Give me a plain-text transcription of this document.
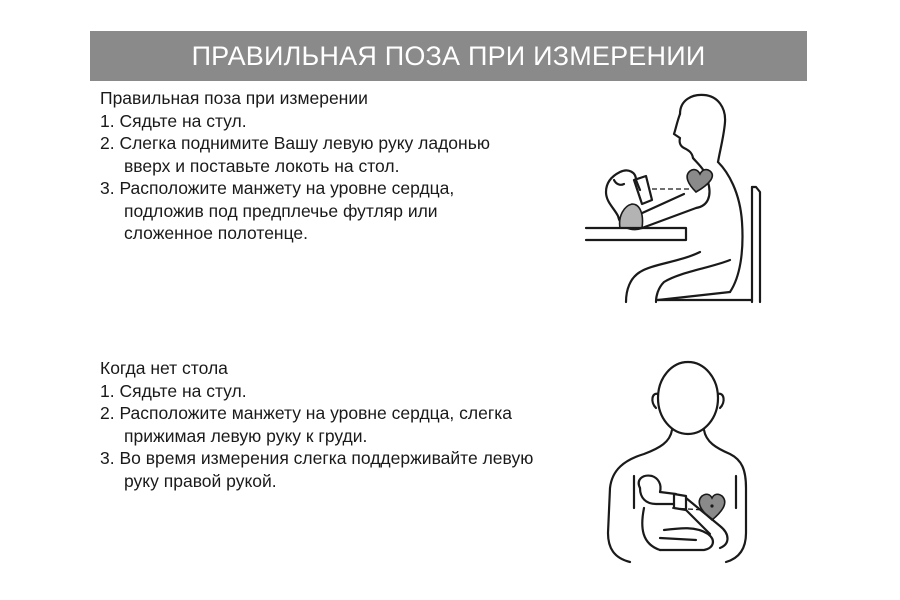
ПРАВИЛЬНАЯ ПОЗА ПРИ ИЗМЕРЕНИИ
Правильная поза при измерении
1. Сядьте на стул.
2. Слегка поднимите Вашу левую руку ладонью
вверх и поставьте локоть на стол.
3. Расположите манжету на уровне сердца,
подложив под предплечье футляр или
сложенное полотенце.
Когда нет стола
1. Сядьте на стул.
2. Расположите манжету на уровне сердца, слегка
прижимая левую руку к груди.
3. Во время измерения слегка поддерживайте левую
руку правой рукой.
